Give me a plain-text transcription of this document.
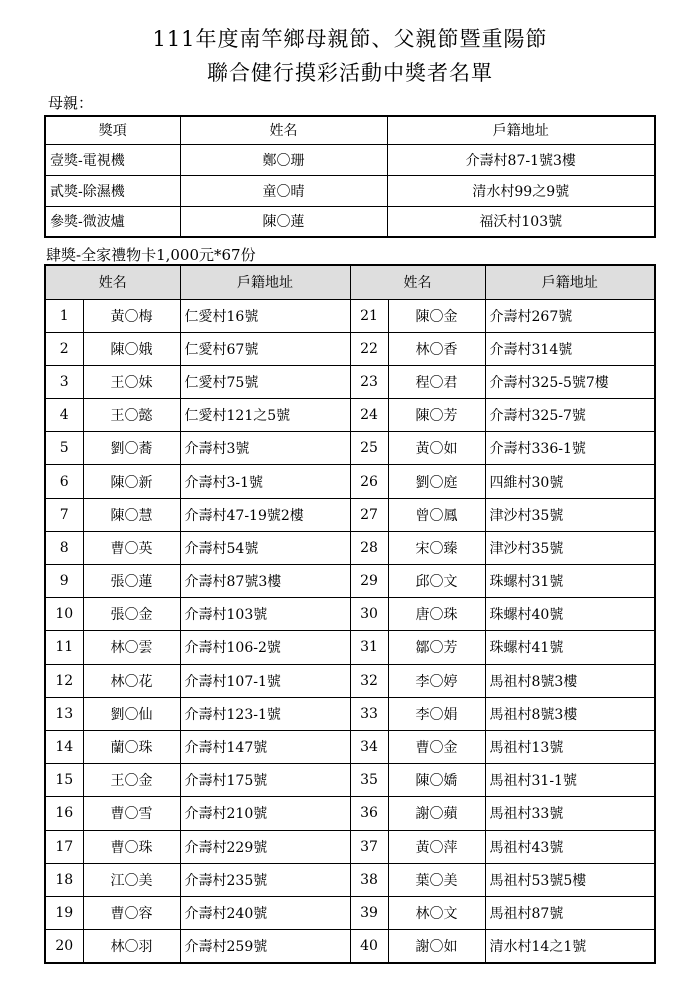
111年度南竿鄉母親節、父親節暨重陽節
聯合健行摸彩活動中獎者名單
母親：
獎項	姓名	戶籍地址
壹獎-電視機	鄭〇珊	介壽村87-1號3樓
貳獎-除濕機	童〇晴	清水村99之9號
參獎-微波爐	陳〇蓮	福沃村103號
肆獎-全家禮物卡1,000元*67份
姓名		戶籍地址	姓名		戶籍地址
1	黃〇梅	仁愛村16號	21	陳〇金	介壽村267號
2	陳〇娥	仁愛村67號	22	林〇香	介壽村314號
3	王〇妹	仁愛村75號	23	程〇君	介壽村325-5號7樓
4	王〇懿	仁愛村121之5號	24	陳〇芳	介壽村325-7號
5	劉〇蕎	介壽村3號	25	黃〇如	介壽村336-1號
6	陳〇新	介壽村3-1號	26	劉〇庭	四維村30號
7	陳〇慧	介壽村47-19號2樓	27	曾〇鳳	津沙村35號
8	曹〇英	介壽村54號	28	宋〇臻	津沙村35號
9	張〇蓮	介壽村87號3樓	29	邱〇文	珠螺村31號
10	張〇金	介壽村103號	30	唐〇珠	珠螺村40號
11	林〇雲	介壽村106-2號	31	鄒〇芳	珠螺村41號
12	林〇花	介壽村107-1號	32	李〇婷	馬祖村8號3樓
13	劉〇仙	介壽村123-1號	33	李〇娟	馬祖村8號3樓
14	蘭〇珠	介壽村147號	34	曹〇金	馬祖村13號
15	王〇金	介壽村175號	35	陳〇嬌	馬祖村31-1號
16	曹〇雪	介壽村210號	36	謝〇蘋	馬祖村33號
17	曹〇珠	介壽村229號	37	黃〇萍	馬祖村43號
18	江〇美	介壽村235號	38	葉〇美	馬祖村53號5樓
19	曹〇容	介壽村240號	39	林〇文	馬祖村87號
20	林〇羽	介壽村259號	40	謝〇如	清水村14之1號
